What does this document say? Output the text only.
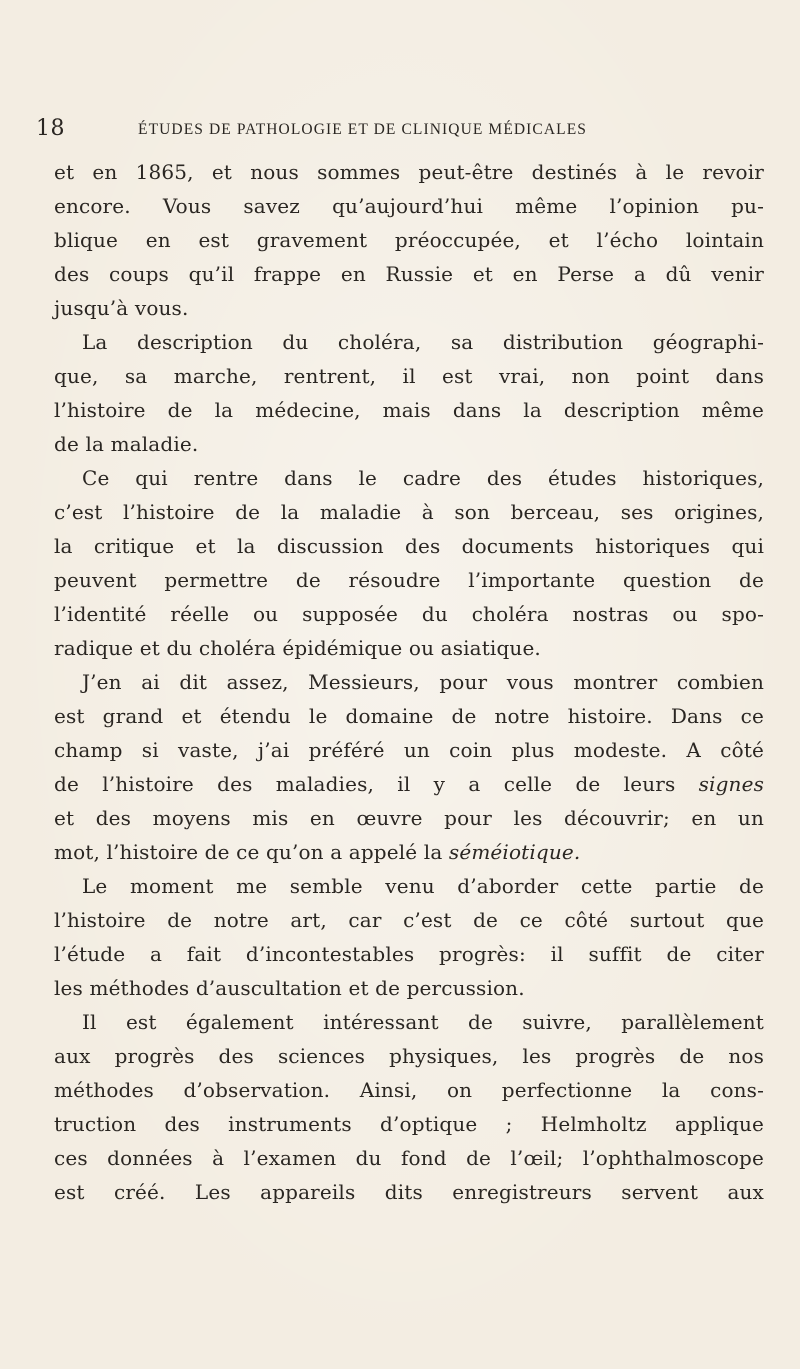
18	ÉTUDES DE PATHOLOGIE ET DE CLINIQUE MÉDICALES
et en 1865, et nous sommes peut-être destinés à le revoir
encore. Vous savez qu’aujourd’hui même l’opinion pu-
blique en est gravement préoccupée, et l’écho lointain
des coups qu’il frappe en Russie et en Perse a dû venir
jusqu’à vous.
La description du choléra, sa distribution géographi-
que, sa marche, rentrent, il est vrai, non point dans
l’histoire de la médecine, mais dans la description même
de la maladie.
Ce qui rentre dans le cadre des études historiques,
c’est l’histoire de la maladie à son berceau, ses origines,
la critique et la discussion des documents historiques qui
peuvent permettre de résoudre l’importante question de
l’identité réelle ou supposée du choléra nostras ou spo-
radique et du choléra épidémique ou asiatique.
J’en ai dit assez, Messieurs, pour vous montrer combien
est grand et étendu le domaine de notre histoire. Dans ce
champ si vaste, j’ai préféré un coin plus modeste. A côté
de l’histoire des maladies, il y a celle de leurs signes
et des moyens mis en œuvre pour les découvrir; en un
mot, l’histoire de ce qu’on a appelé la séméiotique.
Le moment me semble venu d’aborder cette partie de
l’histoire de notre art, car c’est de ce côté surtout que
l’étude a fait d’incontestables progrès: il suffit de citer
les méthodes d’auscultation et de percussion.
Il est également intéressant de suivre, parallèlement
aux progrès des sciences physiques, les progrès de nos
méthodes d’observation. Ainsi, on perfectionne la cons-
truction des instruments d’optique ; Helmholtz applique
ces données à l’examen du fond de l’œil; l’ophthalmoscope
est créé. Les appareils dits enregistreurs servent aux
